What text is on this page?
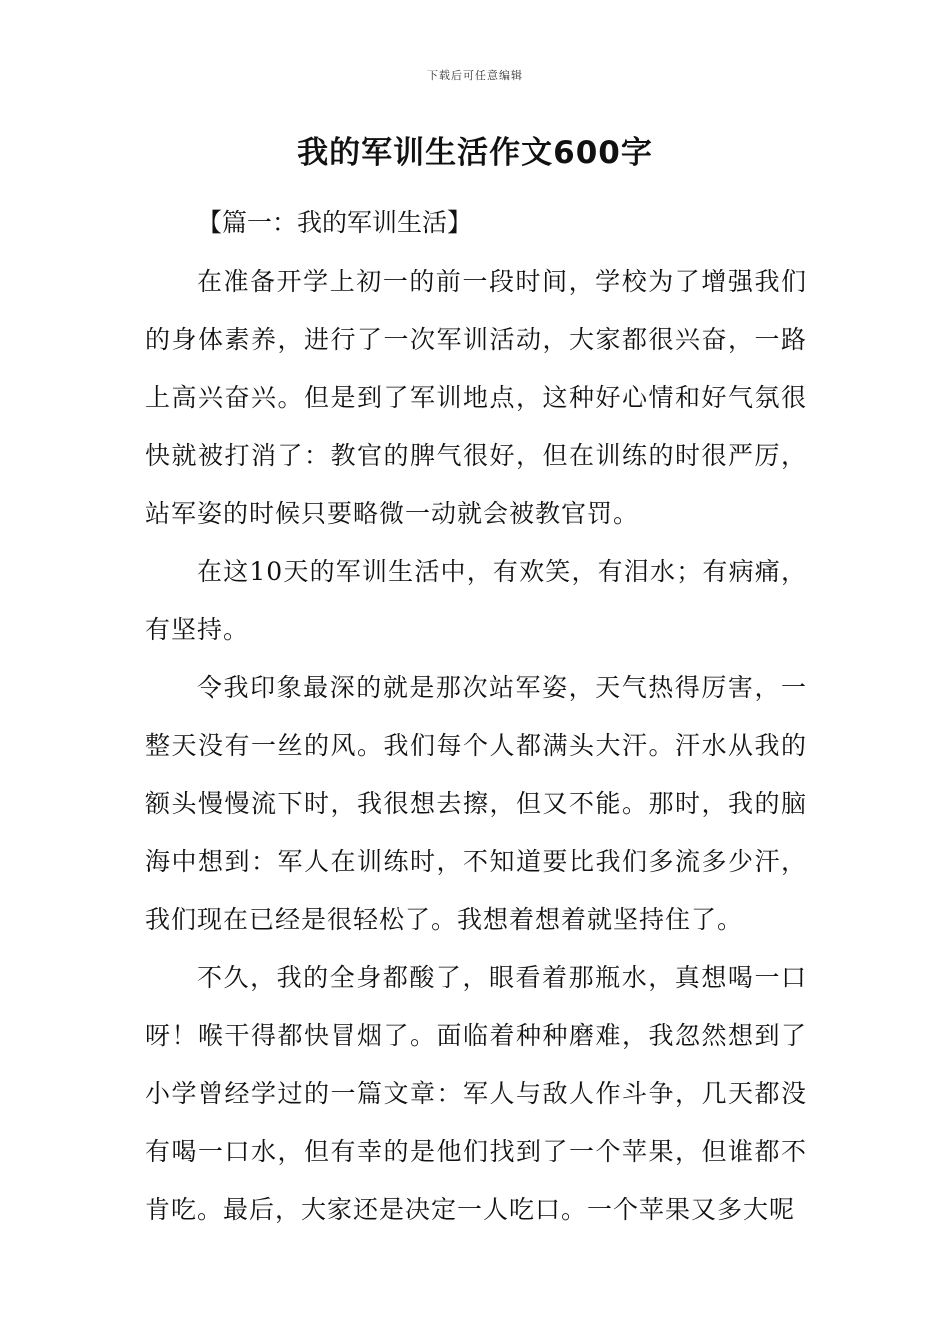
下载后可任意编辑
我的军训生活作文600字
【篇一：我的军训生活】

在准备开学上初一的前一段时间，学校为了增强我们的身体素养，进行了一次军训活动，大家都很兴奋，一路上高兴奋兴。但是到了军训地点，这种好心情和好气氛很快就被打消了：教官的脾气很好，但在训练的时很严厉，站军姿的时候只要略微一动就会被教官罚。

在这10天的军训生活中，有欢笑，有泪水；有病痛，有坚持。

令我印象最深的就是那次站军姿，天气热得厉害，一整天没有一丝的风。我们每个人都满头大汗。汗水从我的额头慢慢流下时，我很想去擦，但又不能。那时，我的脑海中想到：军人在训练时，不知道要比我们多流多少汗，我们现在已经是很轻松了。我想着想着就坚持住了。

不久，我的全身都酸了，眼看着那瓶水，真想喝一口呀！喉干得都快冒烟了。面临着种种磨难，我忽然想到了小学曾经学过的一篇文章：军人与敌人作斗争，几天都没有喝一口水，但有幸的是他们找到了一个苹果，但谁都不肯吃。最后，大家还是决定一人吃口。一个苹果又多大呢
